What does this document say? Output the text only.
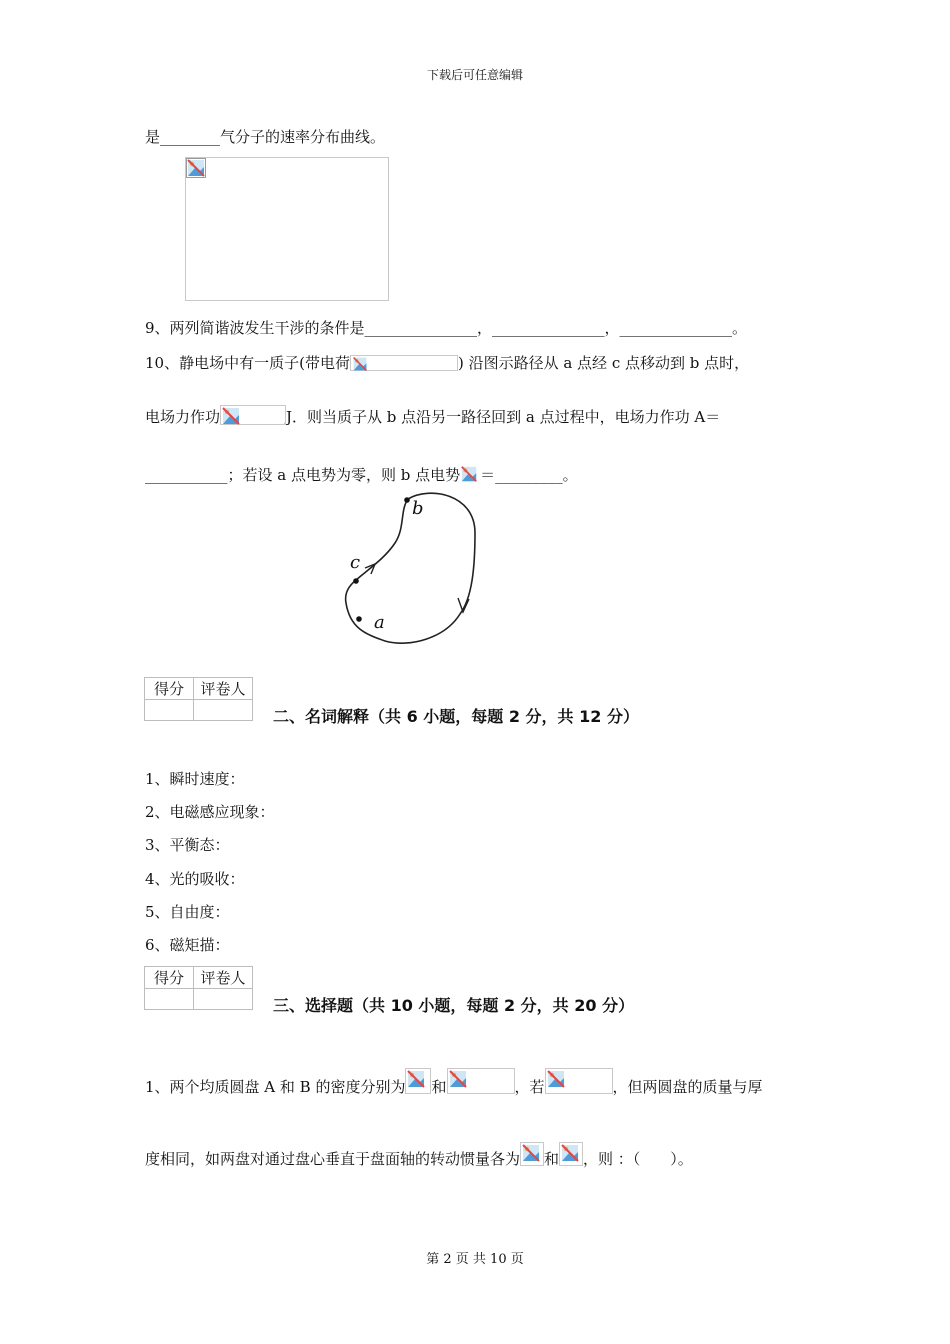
下载后可任意编辑
是________气分子的速率分布曲线。
9、两列简谐波发生干涉的条件是_______________，_______________，_______________。
10、静电场中有一质子(带电荷	) 沿图示路径从 a 点经 c 点移动到 b 点时，
电场力作功	J．则当质子从 b 点沿另一路径回到 a 点过程中，电场力作功 A＝
___________；若设 a 点电势为零，则 b 点电势 ＝_________。
b
c
a
得分	评卷人

二、名词解释（共 6 小题，每题 2 分，共 12 分）
1、瞬时速度：
2、电磁感应现象：
3、平衡态：
4、光的吸收：
5、自由度：
6、磁矩描：
得分	评卷人

三、选择题（共 10 小题，每题 2 分，共 20 分）
1、两个均质圆盘 A 和 B 的密度分别为 和	，若	，但两圆盘的质量与厚
度相同，如两盘对通过盘心垂直于盘面轴的转动惯量各为 和 ，则 ：（　　）。
第 2 页 共 10 页
